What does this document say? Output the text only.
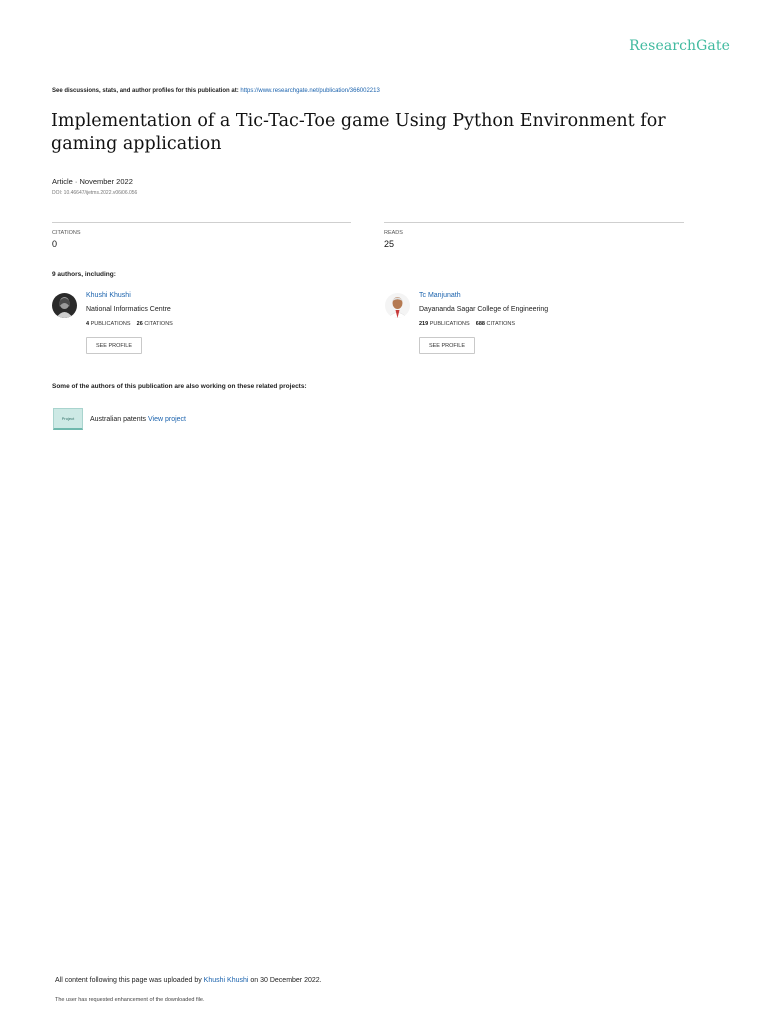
ResearchGate
See discussions, stats, and author profiles for this publication at: https://www.researchgate.net/publication/366002213
Implementation of a Tic-Tac-Toe game Using Python Environment for gaming application
Article · November 2022
DOI: 10.46647/ijetms.2022.v06i06.056
CITATIONS
0
READS
25
9 authors, including:
Khushi Khushi
National Informatics Centre
4 PUBLICATIONS 26 CITATIONS
SEE PROFILE
Tc Manjunath
Dayananda Sagar College of Engineering
219 PUBLICATIONS 688 CITATIONS
SEE PROFILE
Some of the authors of this publication are also working on these related projects:
Project Australian patents View project
All content following this page was uploaded by Khushi Khushi on 30 December 2022.
The user has requested enhancement of the downloaded file.
